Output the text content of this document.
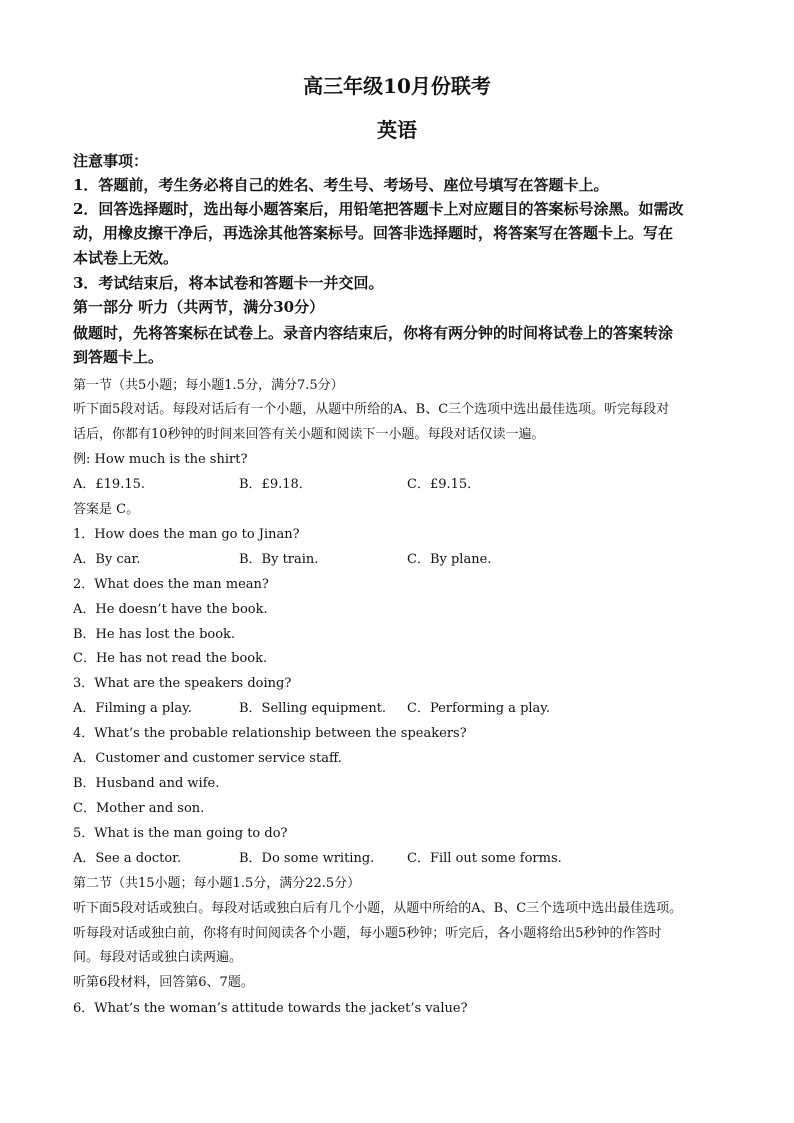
高三年级10月份联考
英语
注意事项：
1．答题前，考生务必将自己的姓名、考生号、考场号、座位号填写在答题卡上。
2．回答选择题时，选出每小题答案后，用铅笔把答题卡上对应题目的答案标号涂黑。如需改
动，用橡皮擦干净后，再选涂其他答案标号。回答非选择题时，将答案写在答题卡上。写在
本试卷上无效。
3．考试结束后，将本试卷和答题卡一并交回。
第一部分 听力（共两节，满分30分）
做题时，先将答案标在试卷上。录音内容结束后，你将有两分钟的时间将试卷上的答案转涂
到答题卡上。
第一节（共5小题；每小题1.5分，满分7.5分）
听下面5段对话。每段对话后有一个小题，从题中所给的A、B、C三个选项中选出最佳选项。听完每段对
话后，你都有10秒钟的时间来回答有关小题和阅读下一小题。每段对话仅读一遍。
例: How much is the shirt?
A．£19.15.	B．£9.18．	C．£9.15．
答案是 C。
1．How does the man go to Jinan?
A．By car.	B．By train.	C．By plane.
2．What does the man mean?
A．He doesn’t have the book.
B．He has lost the book.
C．He has not read the book.
3．What are the speakers doing?
A．Filming a play.	B．Selling equipment. C．Performing a play.
4．What’s the probable relationship between the speakers?
A．Customer and customer service staff.
B．Husband and wife.
C．Mother and son.
5．What is the man going to do?
A．See a doctor.	B．Do some writing.	C．Fill out some forms.
第二节（共15小题；每小题1.5分，满分22.5分）
听下面5段对话或独白。每段对话或独白后有几个小题，从题中所给的A、B、C三个选项中选出最佳选项。
听每段对话或独白前，你将有时间阅读各个小题，每小题5秒钟；听完后，各小题将给出5秒钟的作答时
间。每段对话或独白读两遍。
听第6段材料，回答第6、7题。
6．What’s the woman’s attitude towards the jacket’s value?
